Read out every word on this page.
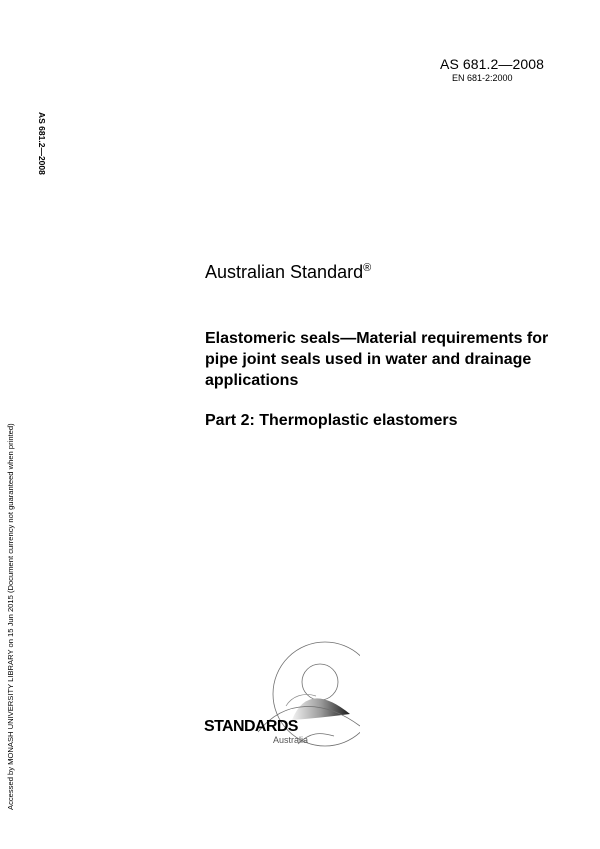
AS 681.2—2008
EN 681-2:2000
AS 681.2—2008
Accessed by MONASH UNIVERSITY LIBRARY on 15 Jun 2015 (Document currency not guaranteed when printed)
Australian Standard®
Elastomeric seals—Material requirements for pipe joint seals used in water and drainage applications
Part 2: Thermoplastic elastomers
STANDARDS
Australia
